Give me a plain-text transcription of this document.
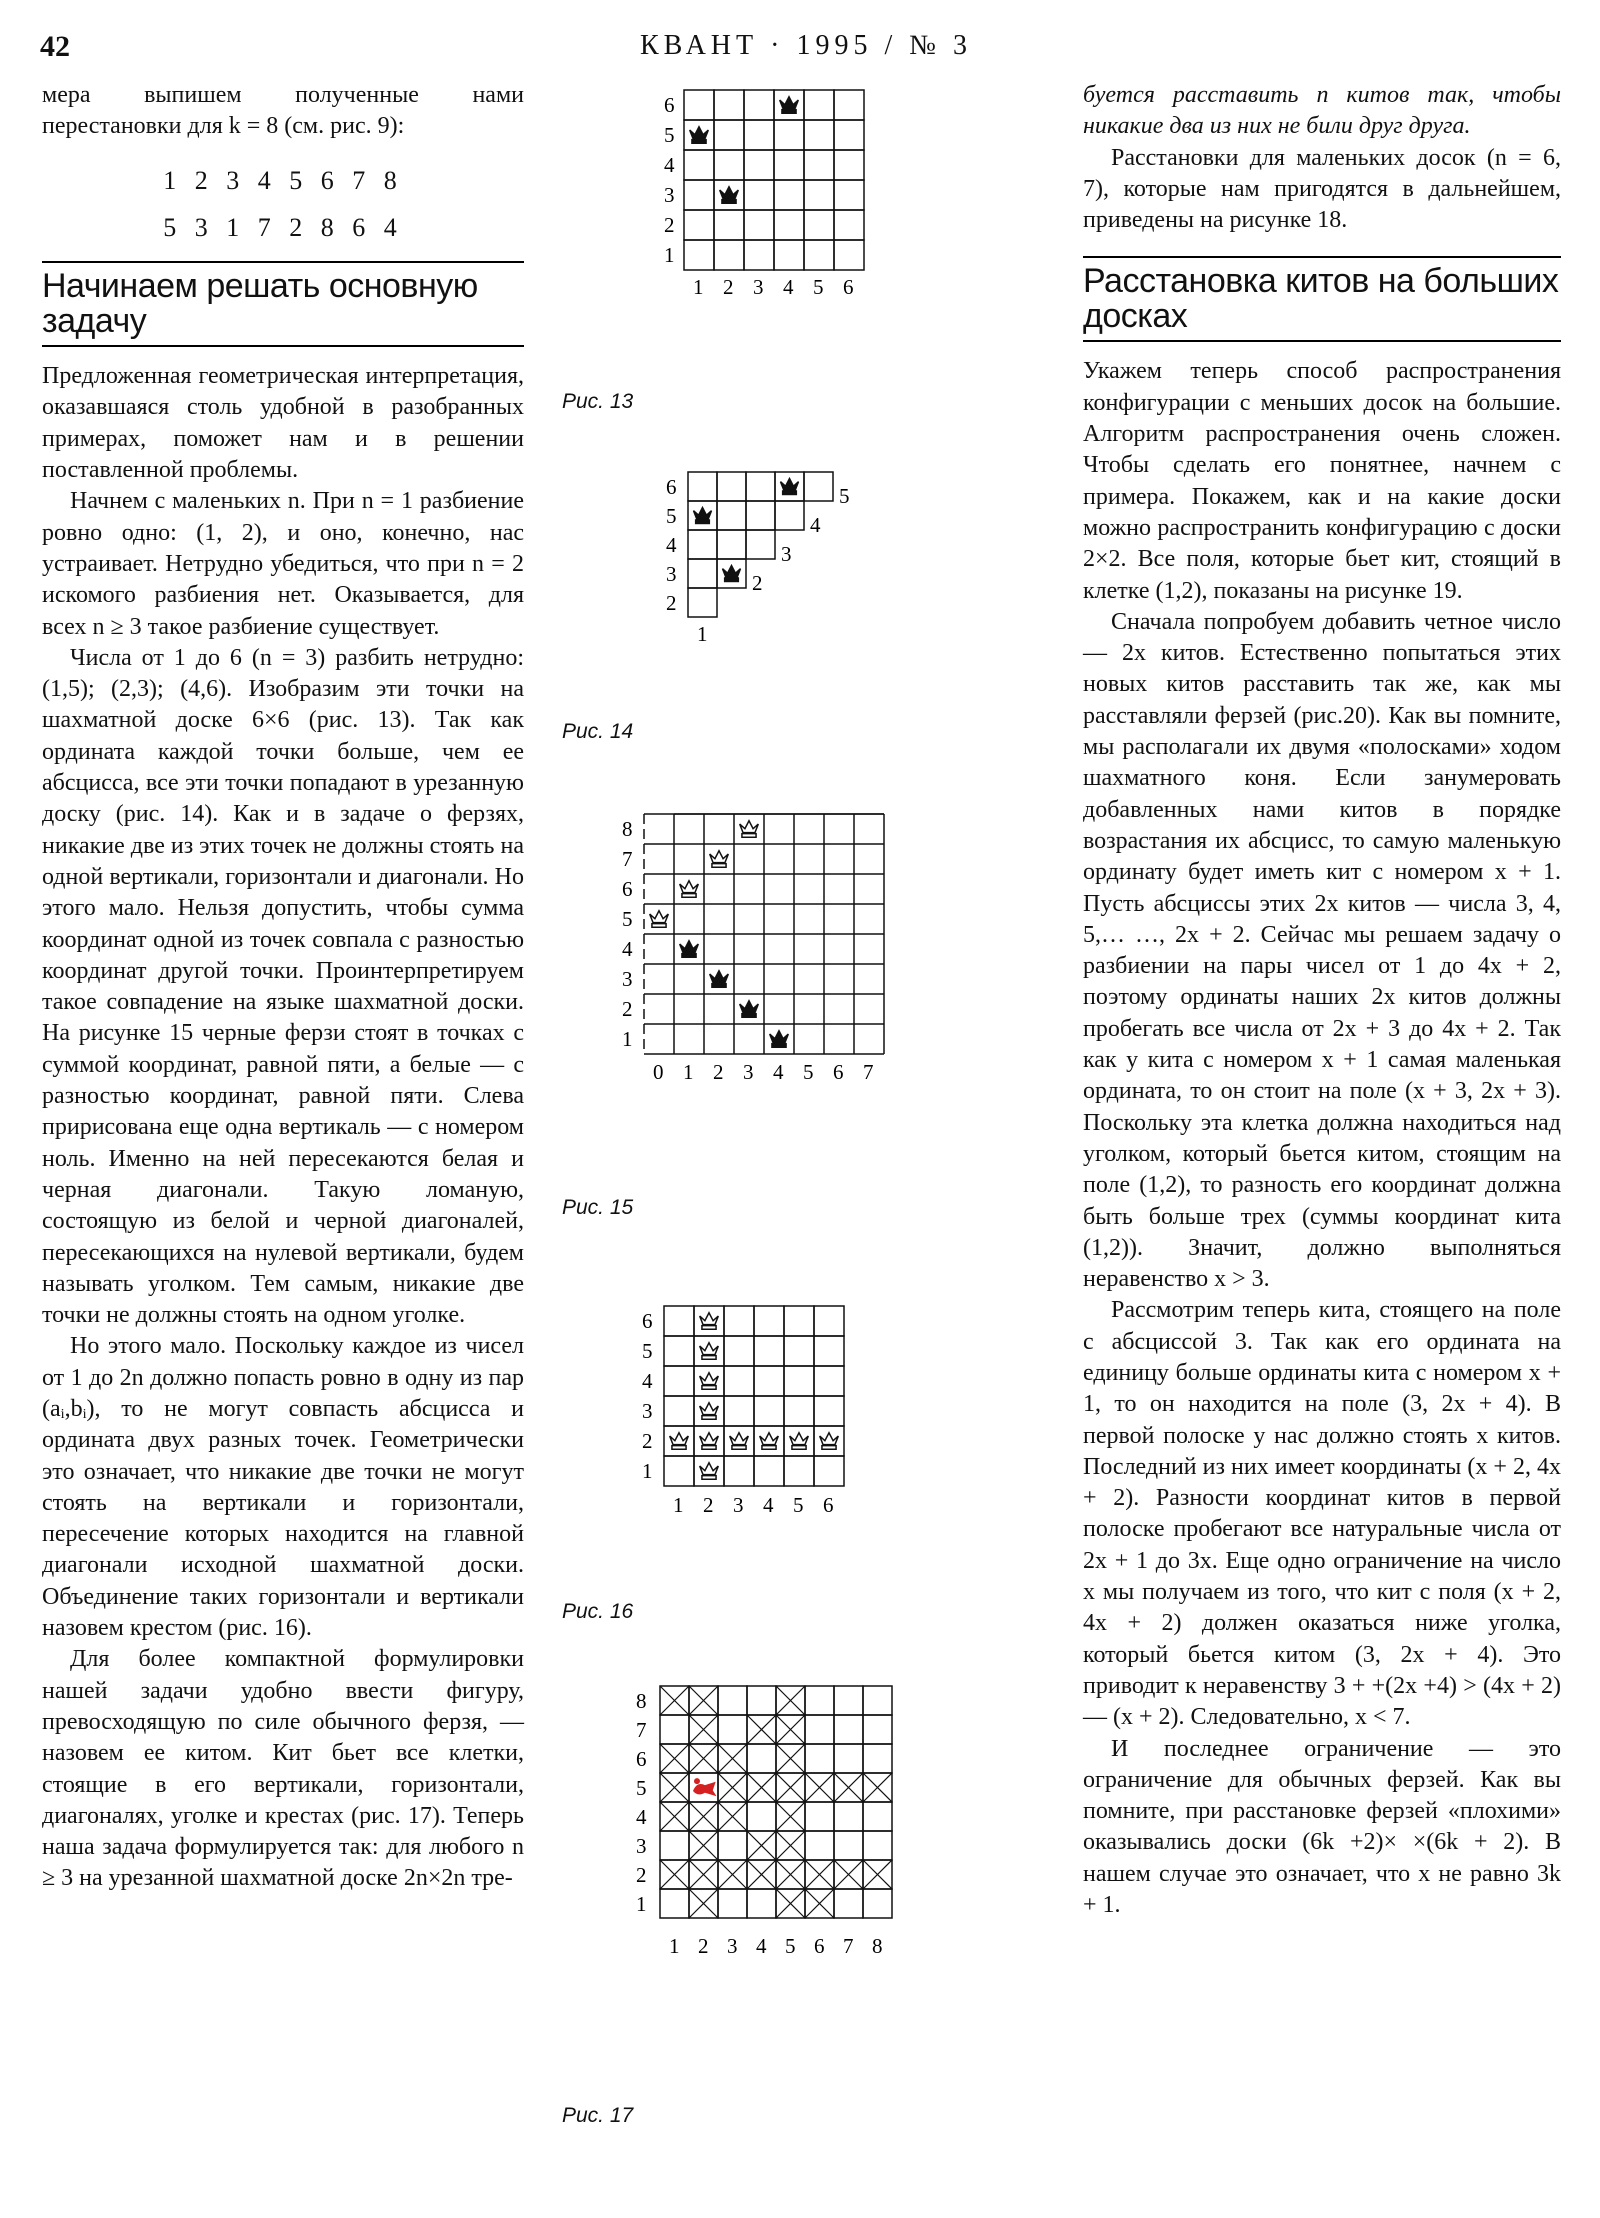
42	КВАНТ · 1995 / № 3

мера выпишем полученные нами перестановки для k = 8 (см. рис. 9):

1 2 3 4 5 6 7 8
5 3 1 7 2 8 6 4
Начинаем решать основную задачу

Предложенная геометрическая интерпретация, оказавшаяся столь удобной в разобранных примерах, поможет нам и в решении поставленной проблемы.

Начнем с маленьких n. При n = 1 разбиение ровно одно: (1, 2), и оно, конечно, нас устраивает. Нетрудно убедиться, что при n = 2 искомого разбиения нет. Оказывается, для всех n ≥ 3 такое разбиение существует.

Числа от 1 до 6 (n = 3) разбить нетрудно: (1,5); (2,3); (4,6). Изобразим эти точки на шахматной доске 6×6 (рис. 13). Так как ордината каждой точки больше, чем ее абсцисса, все эти точки попадают в урезанную доску (рис. 14). Как и в задаче о ферзях, никакие две из этих точек не должны стоять на одной вертикали, горизонтали и диагонали. Но этого мало. Нельзя допустить, чтобы сумма координат одной из точек совпала с разностью координат другой точки. Проинтерпретируем такое совпадение на языке шахматной доски. На рисунке 15 черные ферзи стоят в точках с суммой координат, равной пяти, а белые — с разностью координат, равной пяти. Слева пририсована еще одна вертикаль — с номером ноль. Именно на ней пересекаются белая и черная диагонали. Такую ломаную, состоящую из белой и черной диагоналей, пересекающихся на нулевой вертикали, будем называть уголком. Тем самым, никакие две точки не должны стоять на одном уголке.

Но этого мало. Поскольку каждое из чисел от 1 до 2n должно попасть ровно в одну из пар (aᵢ,bᵢ), то не могут совпасть абсцисса и ордината двух разных точек. Геометрически это означает, что никакие две точки не могут стоять на вертикали и горизонтали, пересечение которых находится на главной диагонали исходной шахматной доски. Объединение таких горизонтали и вертикали назовем крестом (рис. 16).

Для более компактной формулировки нашей задачи удобно ввести фигуру, превосходящую по силе обычного ферзя, — назовем ее китом. Кит бьет все клетки, стоящие в его вертикали, горизонтали, диагоналях, уголке и крестах (рис. 17). Теперь наша задача формулируется так: для любого n ≥ 3 на урезанной шахматной доске 2n×2n тре-

буется расставить n китов так, чтобы никакие два из них не били друг друга.

Расстановки для маленьких досок (n = 6, 7), которые нам пригодятся в дальнейшем, приведены на рисунке 18.

Расстановка китов на больших досках

Укажем теперь способ распространения конфигурации с меньших досок на большие. Алгоритм распространения очень сложен. Чтобы сделать его понятнее, начнем с примера. Покажем, как и на какие доски можно распространить конфигурацию с доски 2×2. Все поля, которые бьет кит, стоящий в клетке (1,2), показаны на рисунке 19.

Сначала попробуем добавить четное число — 2x китов. Естественно попытаться этих новых китов расставить так же, как мы расставляли ферзей (рис.20). Как вы помните, мы располагали их двумя «полосками» ходом шахматного коня. Если занумеровать добавленных нами китов в порядке возрастания их абсцисс, то самую маленькую ординату будет иметь кит с номером x + 1. Пусть абсциссы этих 2x китов — числа 3, 4, 5,… …, 2x + 2. Сейчас мы решаем задачу о разбиении на пары чисел от 1 до 4x + 2, поэтому ординаты наших 2x китов должны пробегать все числа от 2x + 3 до 4x + 2. Так как у кита с номером x + 1 самая маленькая ордината, то он стоит на поле (x + 3, 2x + 3). Поскольку эта клетка должна находиться над уголком, который бьется китом, стоящим на поле (1,2), то разность его координат должна быть больше трех (суммы координат кита (1,2)). Значит, должно выполняться неравенство x > 3.

Рассмотрим теперь кита, стоящего на поле с абсциссой 3. Так как его ордината на единицу больше ординаты кита с номером x + 1, то он находится на поле (3, 2x + 4). В первой полоске у нас должно стоять x китов. Последний из них имеет координаты (x + 2, 4x + 2). Разности координат китов в первой полоске пробегают все натуральные числа от 2x + 1 до 3x. Еще одно ограничение на число x мы получаем из того, что кит с поля (x + 2, 4x + 2) должен оказаться ниже уголка, который бьется китом (3, 2x + 4). Это приводит к неравенству 3 + +(2x +4) > (4x + 2) — (x + 2). Следовательно, x < 7.

И последнее ограничение — это ограничение для обычных ферзей. Как вы помните, при расстановке ферзей «плохими» оказывались доски (6k +2)× ×(6k + 2). В нашем случае это означает, что x не равно 3k + 1.

1
2
3
4
5
6
1 2 3 4 5 6
Рис. 13
2
3
4
5
6
1
2
3
4
5
Рис. 14
1
2
3
4
5
6
7
8
0 1 2 3 4 5 6 7
Рис. 15
1
2
3
4
5
6
1 2 3 4 5 6
Рис. 16
1
2
3
4
5
6
7
8
1 2 3 4 5 6 7 8
Рис. 17
